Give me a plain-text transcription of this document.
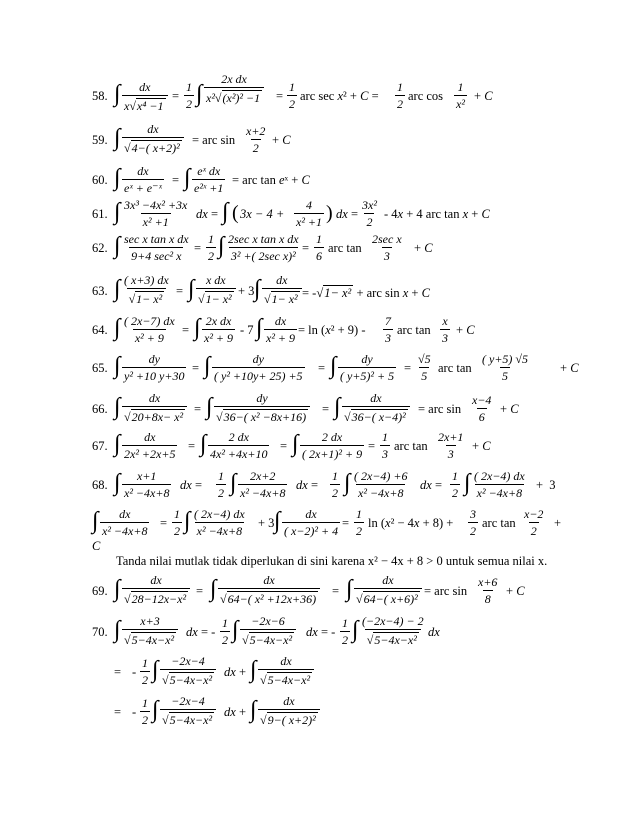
58. ∫ $\frac{dx}{\text{x√x⁴ −1}} = \frac{1}{2}$ ∫ $\frac{\text{2x dx}}{\text{x²√(x²)² −1}} = \frac{1}{2}$ arc $\sec x^2 + C = \frac{1}{2}$ arc $\cos \frac{1}{\text{x²}} + C$
59. ∫ $\frac{dx}{\text{√4−( x+2)²}}$ = arc $\sin \frac{x+2}{2} + C$
60. ∫ $\frac{dx}{\text{eˣ + e⁻ˣ}}$ = ∫ $\frac{\text{eˣ dx}}{\text{e²ˣ +1}}$ = arc tan eˣ + C
61. ∫ $\frac{\text{3x³ −4x² +3x}}{\text{x² +1}}$ dx = ∫ ( $3x - 4 + \frac{4}{\text{x² +1}}$ ) dx = $\frac{\text{3x²}}{2} - 4x + 4$ arc tan x + C
62. ∫ sec x tan x dx
9+4 sec² x
= $\frac{1}{2}$ ∫ 2sec x tan x dx
3² +( 2sec x)²
= $\frac{1}{6}$ arc tan
2sec x
3
+ C
63. ∫ $\frac{( x+3) dx}{\text{√1− x²}}$ = ∫ $\frac{\text{x dx}}{\text{√1− x²}} + 3$ ∫ $\frac{dx}{\text{√1− x²}} = -√1- x^2$ + arc sin x + C
64. ∫ $\frac{( 2x-7) dx}{\text{x² + 9}}$ = ∫ $\frac{\text{2x dx}}{\text{x² + 9}} - 7$ ∫ $\frac{dx}{\text{x² + 9}} = \ln (x^2 + 9) - \frac{7}{3}$ arc $\tan \frac{x}{3} + C$
65. ∫ $\frac{dy}{\text{y² +10 y+30}}$ = ∫ $\frac{dy}{\text{( y² +10y+ 25) +5}}$ = ∫ $\frac{dy}{\text{( y+5)² + 5}} = \frac{√5}{5}$ arc $\tan \frac{( y+5) √5}{5} + C$
66. ∫ $\frac{dx}{\text{√20+8x− x²}}$ = ∫ $\frac{dy}{\text{√36−( x² −8x+16)}}$ = ∫ $\frac{dx}{\text{√36−( x−4)²}}$ = arc $\sin \frac{x-4}{6} + C$
67. ∫ $\frac{dx}{\text{2x² +2x+5}}$ = ∫ $\frac{2 dx}{\text{4x² +4x+10}}$ = ∫ $\frac{2 dx}{\text{( 2x+1)² + 9}} = \frac{1}{3}$ arc $\tan \frac{2x+1}{3} + C$
68. ∫ $\frac{x+1}{\text{x² −4x+8}}$ dx = $\frac{1}{2}$ ∫ $\frac{2x+2}{\text{x² −4x+8}}$ dx = $\frac{1}{2}$ ∫ $\frac{( 2x-4) +6}{\text{x² −4x+8}}$ dx = $\frac{1}{2}$ ∫ $\frac{( 2x-4) dx}{\text{x² −4x+8}} + 3$
∫ $\frac{dx}{\text{x² −4x+8}} = \frac{1}{2}$ ∫ $\frac{( 2x-4) dx}{\text{x² −4x+8}} + 3$ ∫ $\frac{dx}{\text{( x−2)² + 4}} = \frac{1}{2}$ $\ln (x^2 - 4x + 8) + \frac{3}{2}$ arc $\tan \frac{x-2}{2}$ +
C
Tanda nilai mutlak tidak diperlukan di sini karena x² − 4x + 8 > 0 untuk semua nilai x.
69. ∫ $\frac{dx}{\text{√28−12x−x²}}$ = ∫ $\frac{dx}{\text{√64−( x² +12x+36)}}$ = ∫ $\frac{dx}{\text{√64−( x+6)²}}$ = arc $\sin \frac{x+6}{8} + C$
70. ∫ $\frac{x+3}{\text{√5−4x−x²}}$ dx = - $\frac{1}{2}$ ∫ $\frac{-2x-6}{\text{√5−4x−x²}}$ dx = - $\frac{1}{2}$ ∫ $\frac{(-2x-4) - 2}{\text{√5−4x−x²}}$ dx
= - $\frac{1}{2}$ ∫ $\frac{-2x-4}{\text{√5−4x−x²}}$ dx + ∫ $\frac{dx}{\text{√5−4x−x²}}$
= - $\frac{1}{2}$ ∫ $\frac{-2x-4}{\text{√5−4x−x²}}$ dx + ∫ $\frac{dx}{\text{√9−( x+2)²}}$
